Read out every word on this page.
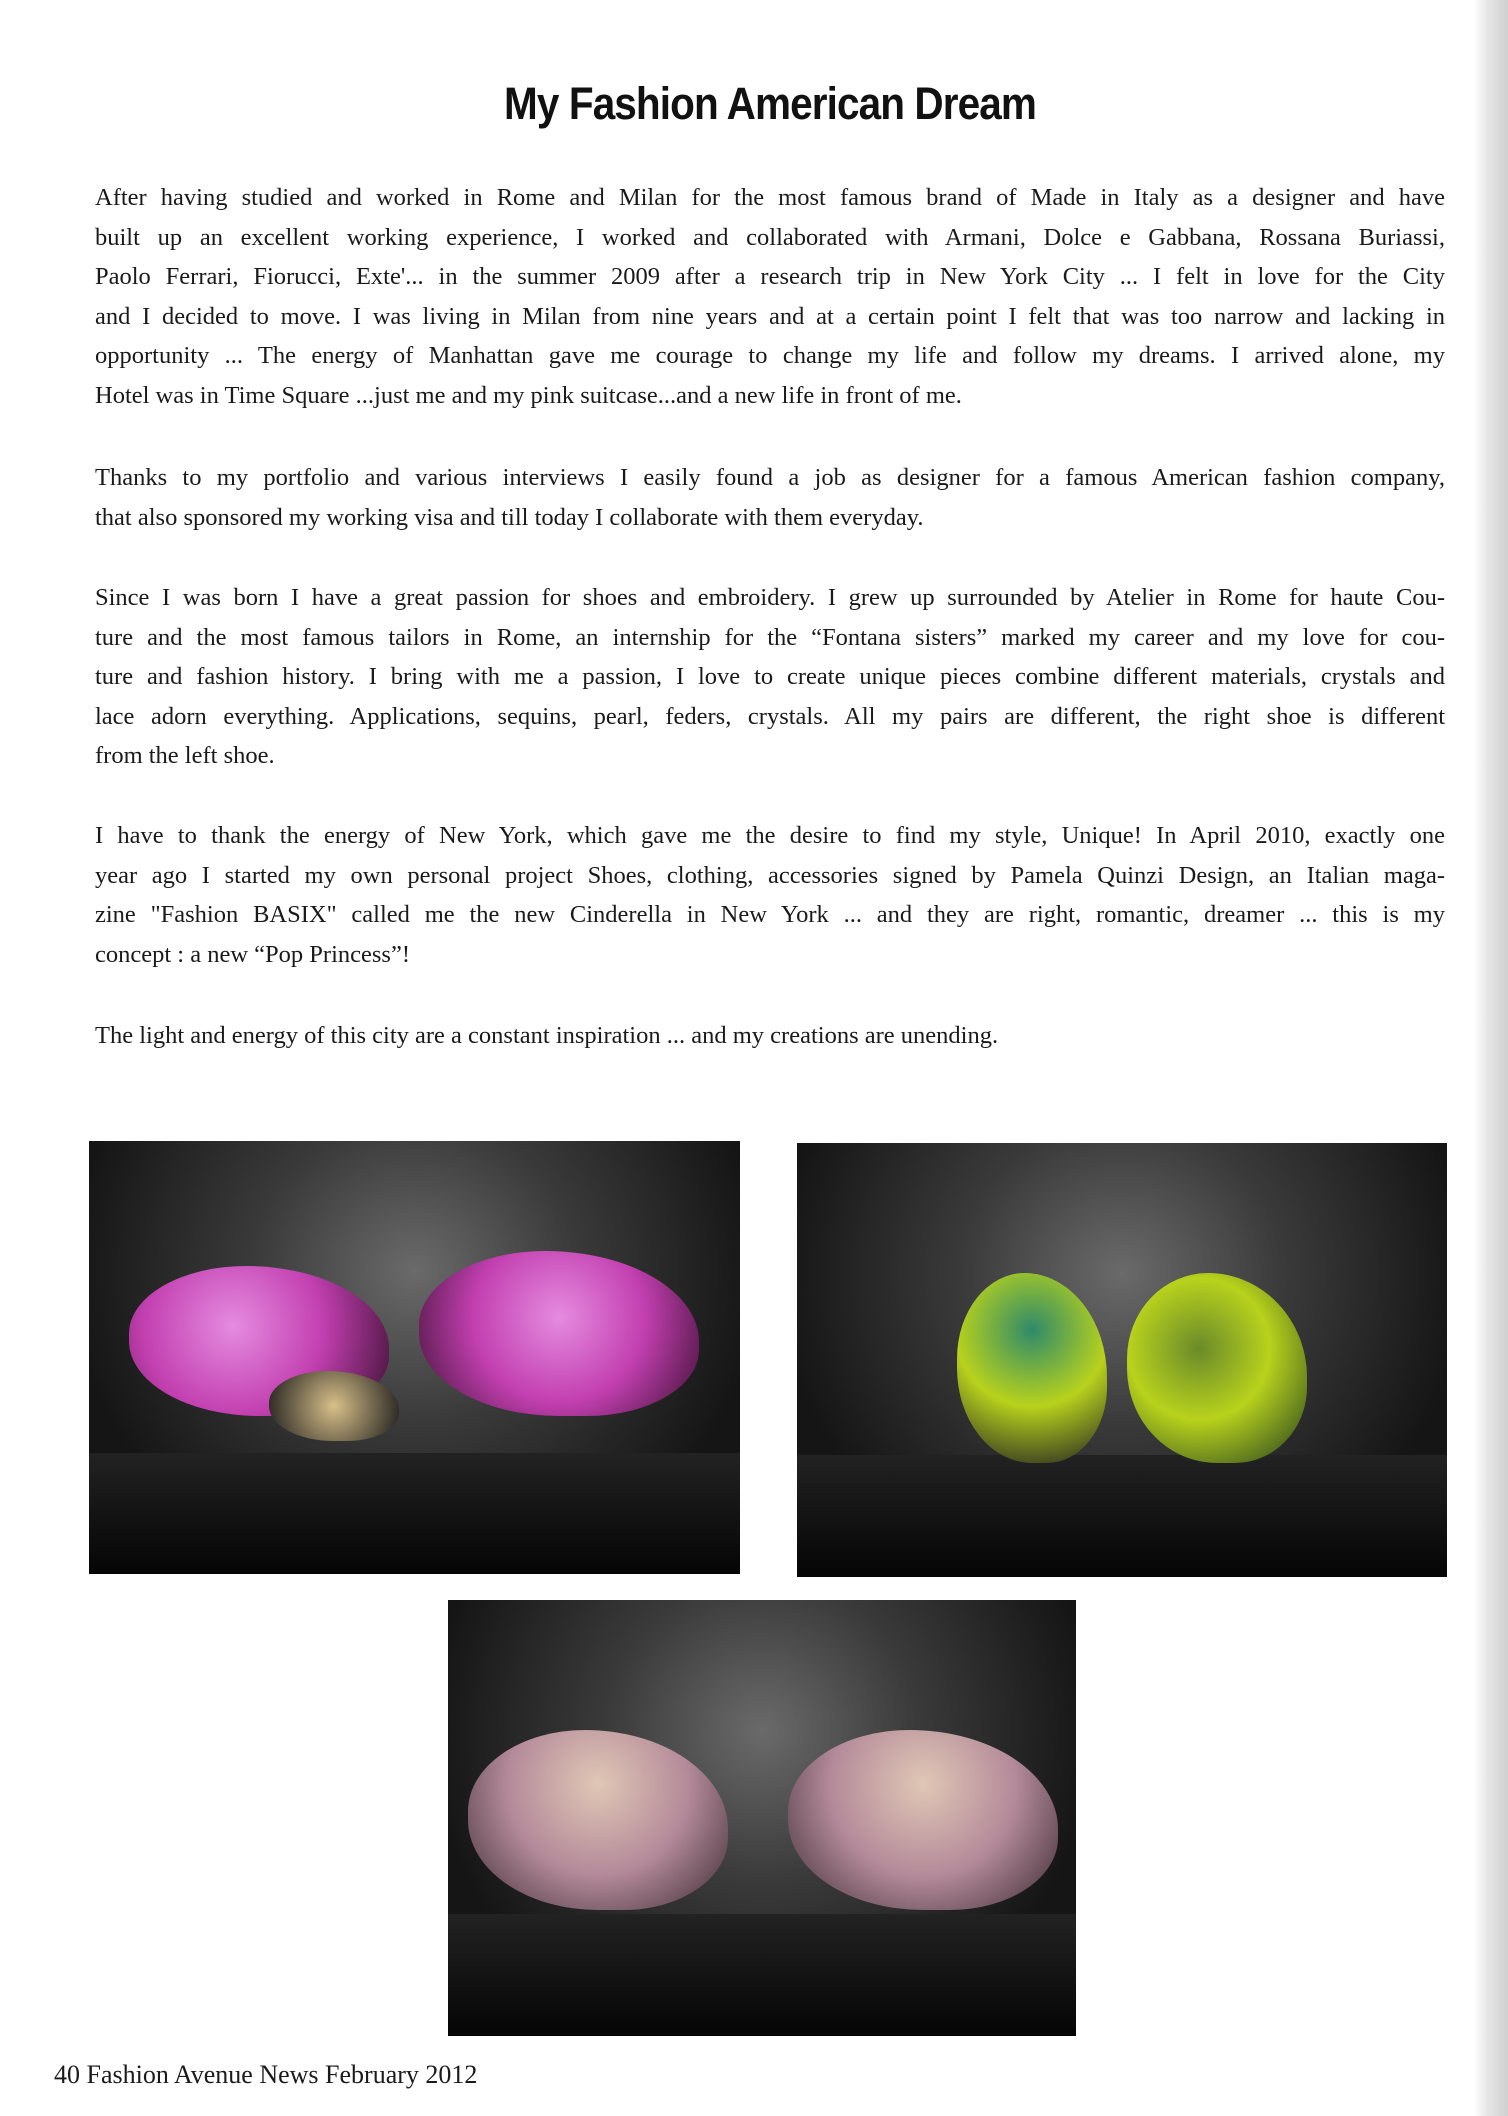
My Fashion American Dream
After having studied and worked in Rome and Milan for the most famous brand of Made in Italy as a designer and have
built up an excellent working experience, I worked and collaborated with Armani, Dolce e Gabbana, Rossana Buriassi,
Paolo Ferrari, Fiorucci, Exte'... in the summer 2009 after a research trip in New York City ... I felt in love for the City
and I decided to move. I was living in Milan from nine years and at a certain point I felt that was too narrow and lacking in
opportunity ... The energy of Manhattan gave me courage to change my life and follow my dreams. I arrived alone, my
Hotel was in Time Square ...just me and my pink suitcase...and a new life in front of me.
Thanks to my portfolio and various interviews I easily found a job as designer for a famous American fashion company,
that also sponsored my working visa and till today I collaborate with them everyday.
Since I was born I have a great passion for shoes and embroidery. I grew up surrounded by Atelier in Rome for haute Cou-
ture and the most famous tailors in Rome, an internship for the “Fontana sisters” marked my career and my love for cou-
ture and fashion history. I bring with me a passion, I love to create unique pieces combine different materials, crystals and
lace adorn everything. Applications, sequins, pearl, feders, crystals. All my pairs are different, the right shoe is different
from the left shoe.
I have to thank the energy of New York, which gave me the desire to find my style, Unique! In April 2010, exactly one
year ago I started my own personal project Shoes, clothing, accessories signed by Pamela Quinzi Design, an Italian maga-
zine "Fashion BASIX" called me the new Cinderella in New York ... and they are right, romantic, dreamer ... this is my
concept : a new “Pop Princess”!
The light and energy of this city are a constant inspiration ... and my creations are unending.
40 Fashion Avenue News February 2012
